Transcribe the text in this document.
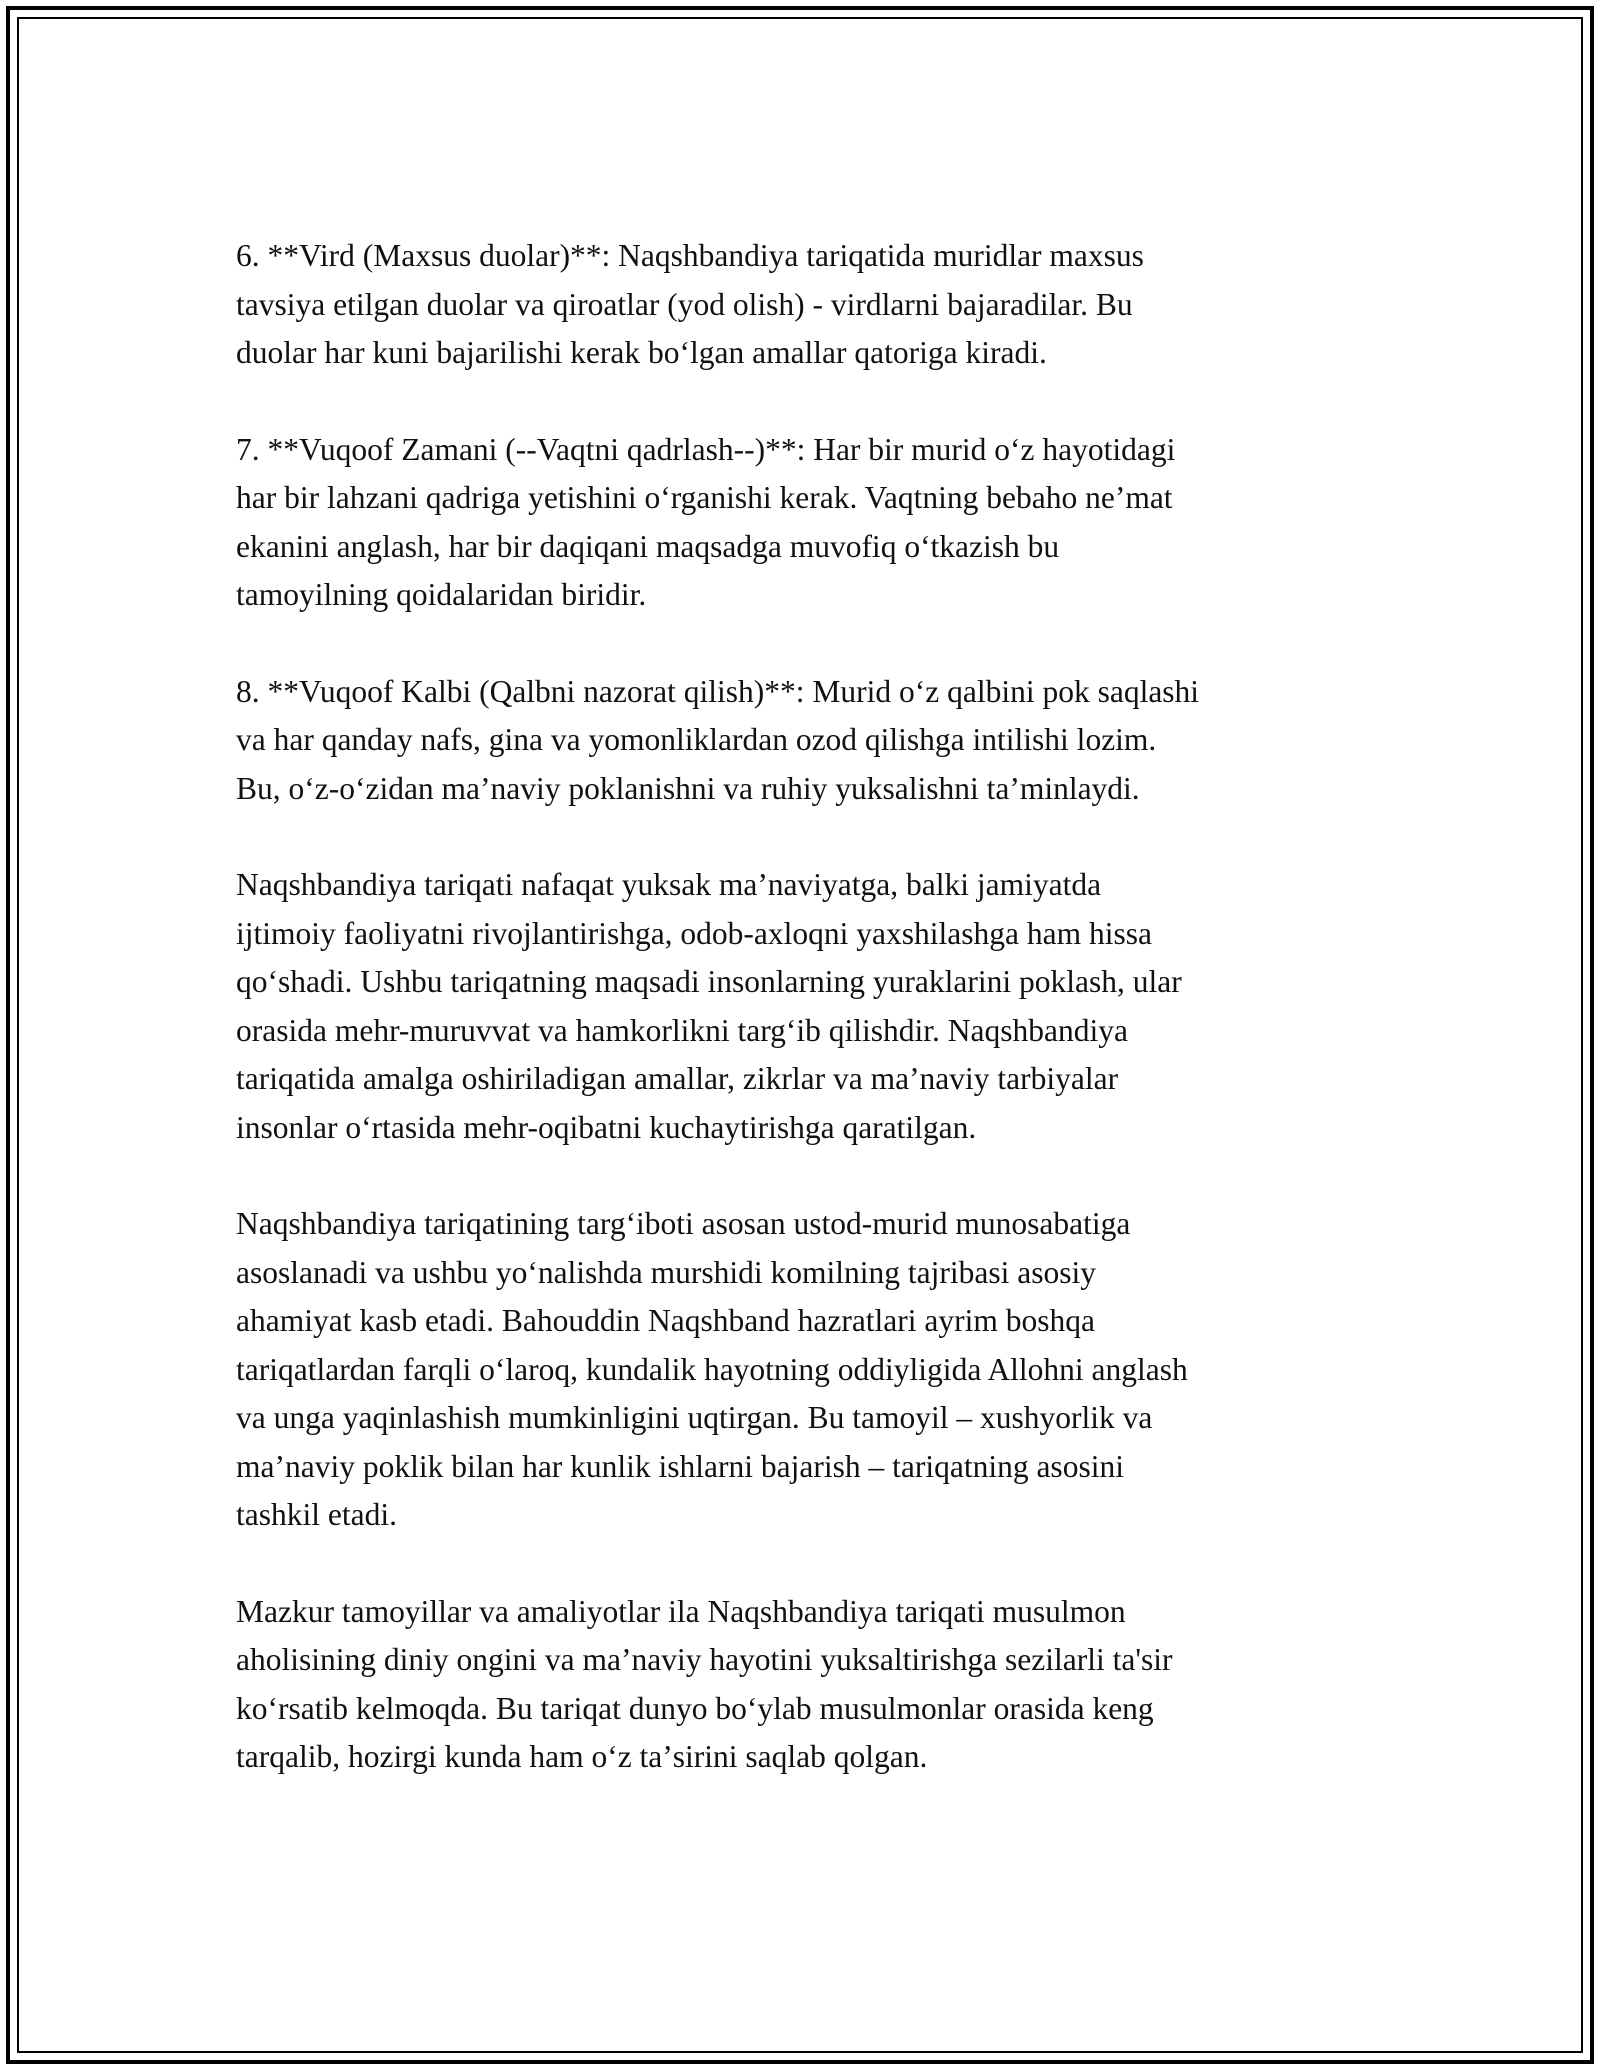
6. **Vird (Maxsus duolar)**: Naqshbandiya tariqatida muridlar maxsus
tavsiya etilgan duolar va qiroatlar (yod olish) - virdlarni bajaradilar. Bu
duolar har kuni bajarilishi kerak boʻlgan amallar qatoriga kiradi.

7. **Vuqoof Zamani (--Vaqtni qadrlash--)**: Har bir murid oʻz hayotidagi
har bir lahzani qadriga yetishini oʻrganishi kerak. Vaqtning bebaho neʼmat
ekanini anglash, har bir daqiqani maqsadga muvofiq oʻtkazish bu
tamoyilning qoidalaridan biridir.

8. **Vuqoof Kalbi (Qalbni nazorat qilish)**: Murid oʻz qalbini pok saqlashi
va har qanday nafs, gina va yomonliklardan ozod qilishga intilishi lozim.
Bu, oʻz-oʻzidan maʼnaviy poklanishni va ruhiy yuksalishni taʼminlaydi.

Naqshbandiya tariqati nafaqat yuksak maʼnaviyatga, balki jamiyatda
ijtimoiy faoliyatni rivojlantirishga, odob-axloqni yaxshilashga ham hissa
qoʻshadi. Ushbu tariqatning maqsadi insonlarning yuraklarini poklash, ular
orasida mehr-muruvvat va hamkorlikni targʻib qilishdir. Naqshbandiya
tariqatida amalga oshiriladigan amallar, zikrlar va maʼnaviy tarbiyalar
insonlar oʻrtasida mehr-oqibatni kuchaytirishga qaratilgan.

Naqshbandiya tariqatining targʻiboti asosan ustod-murid munosabatiga
asoslanadi va ushbu yoʻnalishda murshidi komilning tajribasi asosiy
ahamiyat kasb etadi. Bahouddin Naqshband hazratlari ayrim boshqa
tariqatlardan farqli oʻlaroq, kundalik hayotning oddiyligida Allohni anglash
va unga yaqinlashish mumkinligini uqtirgan. Bu tamoyil – xushyorlik va
maʼnaviy poklik bilan har kunlik ishlarni bajarish – tariqatning asosini
tashkil etadi.

Mazkur tamoyillar va amaliyotlar ila Naqshbandiya tariqati musulmon
aholisining diniy ongini va maʼnaviy hayotini yuksaltirishga sezilarli ta'sir
koʻrsatib kelmoqda. Bu tariqat dunyo boʻylab musulmonlar orasida keng
tarqalib, hozirgi kunda ham oʻz taʼsirini saqlab qolgan.
